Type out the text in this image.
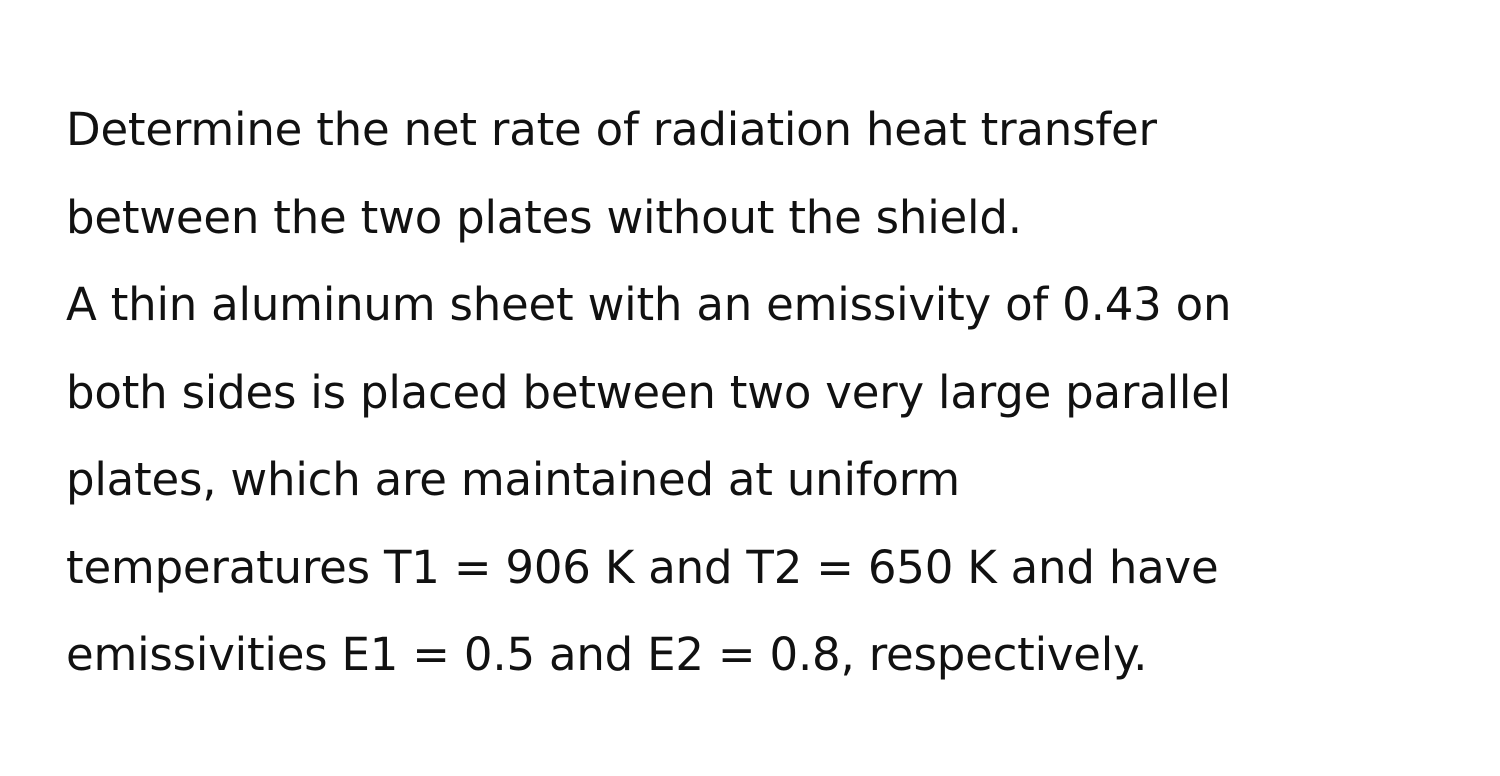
Determine the net rate of radiation heat transfer
between the two plates without the shield.
A thin aluminum sheet with an emissivity of 0.43 on
both sides is placed between two very large parallel
plates, which are maintained at uniform
temperatures T1 = 906 K and T2 = 650 K and have
emissivities E1 = 0.5 and E2 = 0.8, respectively.
